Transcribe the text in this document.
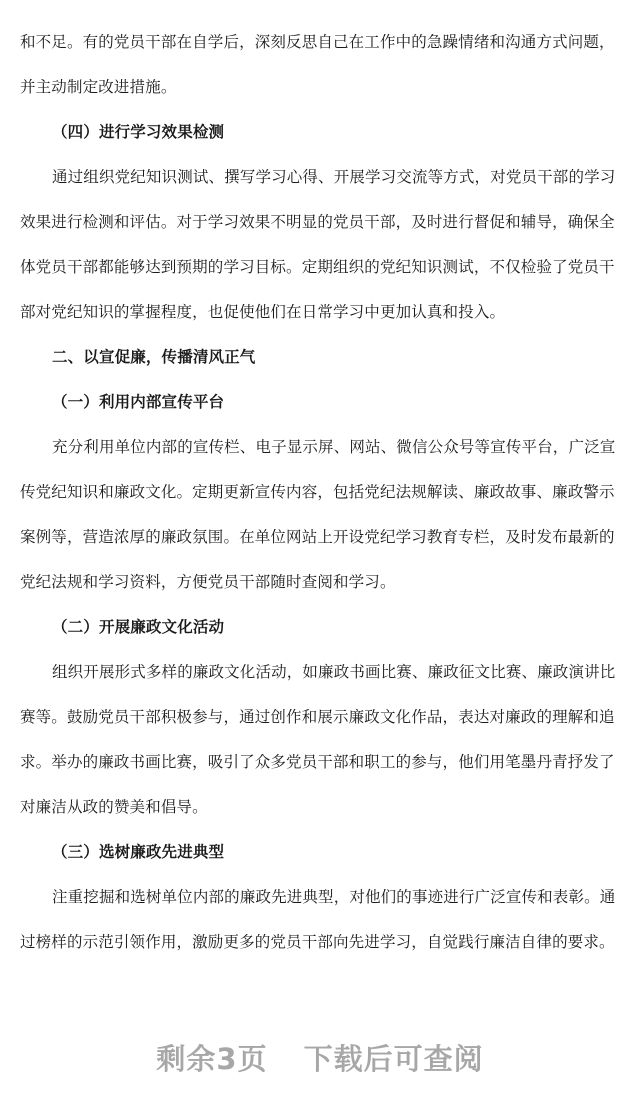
和不足。有的党员干部在自学后，深刻反思自己在工作中的急躁情绪和沟通方式问题，
并主动制定改进措施。
（四）进行学习效果检测
通过组织党纪知识测试、撰写学习心得、开展学习交流等方式，对党员干部的学习
效果进行检测和评估。对于学习效果不明显的党员干部，及时进行督促和辅导，确保全
体党员干部都能够达到预期的学习目标。定期组织的党纪知识测试，不仅检验了党员干
部对党纪知识的掌握程度，也促使他们在日常学习中更加认真和投入。
二、以宣促廉，传播清风正气
（一）利用内部宣传平台
充分利用单位内部的宣传栏、电子显示屏、网站、微信公众号等宣传平台，广泛宣
传党纪知识和廉政文化。定期更新宣传内容，包括党纪法规解读、廉政故事、廉政警示
案例等，营造浓厚的廉政氛围。在单位网站上开设党纪学习教育专栏，及时发布最新的
党纪法规和学习资料，方便党员干部随时查阅和学习。
（二）开展廉政文化活动
组织开展形式多样的廉政文化活动，如廉政书画比赛、廉政征文比赛、廉政演讲比
赛等。鼓励党员干部积极参与，通过创作和展示廉政文化作品，表达对廉政的理解和追
求。举办的廉政书画比赛，吸引了众多党员干部和职工的参与，他们用笔墨丹青抒发了
对廉洁从政的赞美和倡导。
（三）选树廉政先进典型
注重挖掘和选树单位内部的廉政先进典型，对他们的事迹进行广泛宣传和表彰。通
过榜样的示范引领作用，激励更多的党员干部向先进学习，自觉践行廉洁自律的要求。
剩余3页 下载后可查阅
